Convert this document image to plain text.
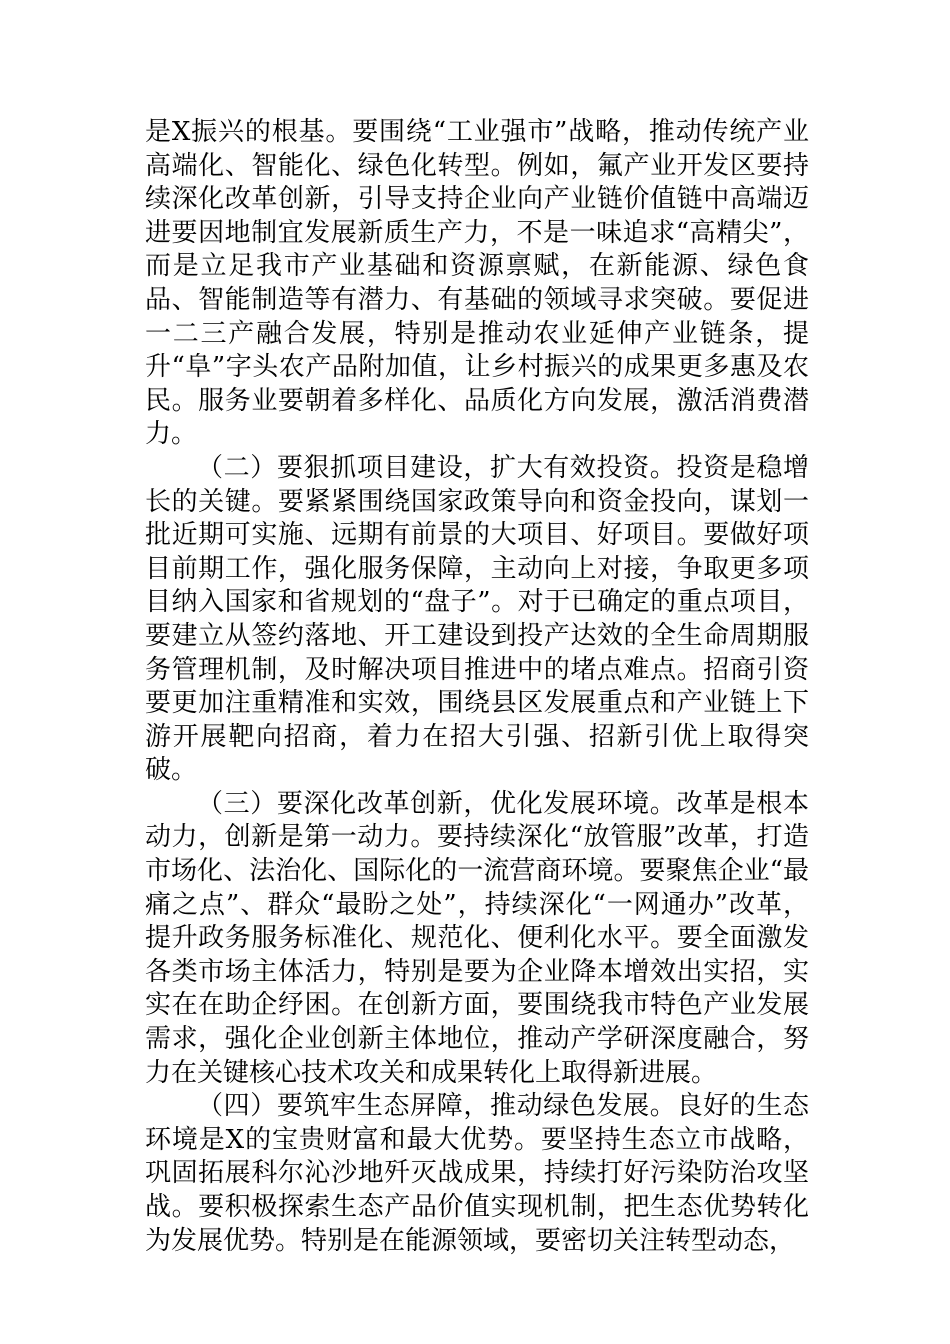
是X振兴的根基。要围绕“工业强市”战略，推动传统产业高端化、智能化、绿色化转型。例如，氟产业开发区要持续深化改革创新，引导支持企业向产业链价值链中高端迈进要因地制宜发展新质生产力，不是一味追求“高精尖”，而是立足我市产业基础和资源禀赋，在新能源、绿色食品、智能制造等有潜力、有基础的领域寻求突破。要促进一二三产融合发展，特别是推动农业延伸产业链条，提升“阜”字头农产品附加值，让乡村振兴的成果更多惠及农民。服务业要朝着多样化、品质化方向发展，激活消费潜力。

（二）要狠抓项目建设，扩大有效投资。投资是稳增长的关键。要紧紧围绕国家政策导向和资金投向，谋划一批近期可实施、远期有前景的大项目、好项目。要做好项目前期工作，强化服务保障，主动向上对接，争取更多项目纳入国家和省规划的“盘子”。对于已确定的重点项目，要建立从签约落地、开工建设到投产达效的全生命周期服务管理机制，及时解决项目推进中的堵点难点。招商引资要更加注重精准和实效，围绕县区发展重点和产业链上下游开展靶向招商，着力在招大引强、招新引优上取得突破。

（三）要深化改革创新，优化发展环境。改革是根本动力，创新是第一动力。要持续深化“放管服”改革，打造市场化、法治化、国际化的一流营商环境。要聚焦企业“最痛之点”、群众“最盼之处”，持续深化“一网通办”改革，提升政务服务标准化、规范化、便利化水平。要全面激发各类市场主体活力，特别是要为企业降本增效出实招，实实在在助企纾困。在创新方面，要围绕我市特色产业发展需求，强化企业创新主体地位，推动产学研深度融合，努力在关键核心技术攻关和成果转化上取得新进展。

（四）要筑牢生态屏障，推动绿色发展。良好的生态环境是X的宝贵财富和最大优势。要坚持生态立市战略，巩固拓展科尔沁沙地歼灭战成果，持续打好污染防治攻坚战。要积极探索生态产品价值实现机制，把生态优势转化为发展优势。特别是在能源领域，要密切关注转型动态，
